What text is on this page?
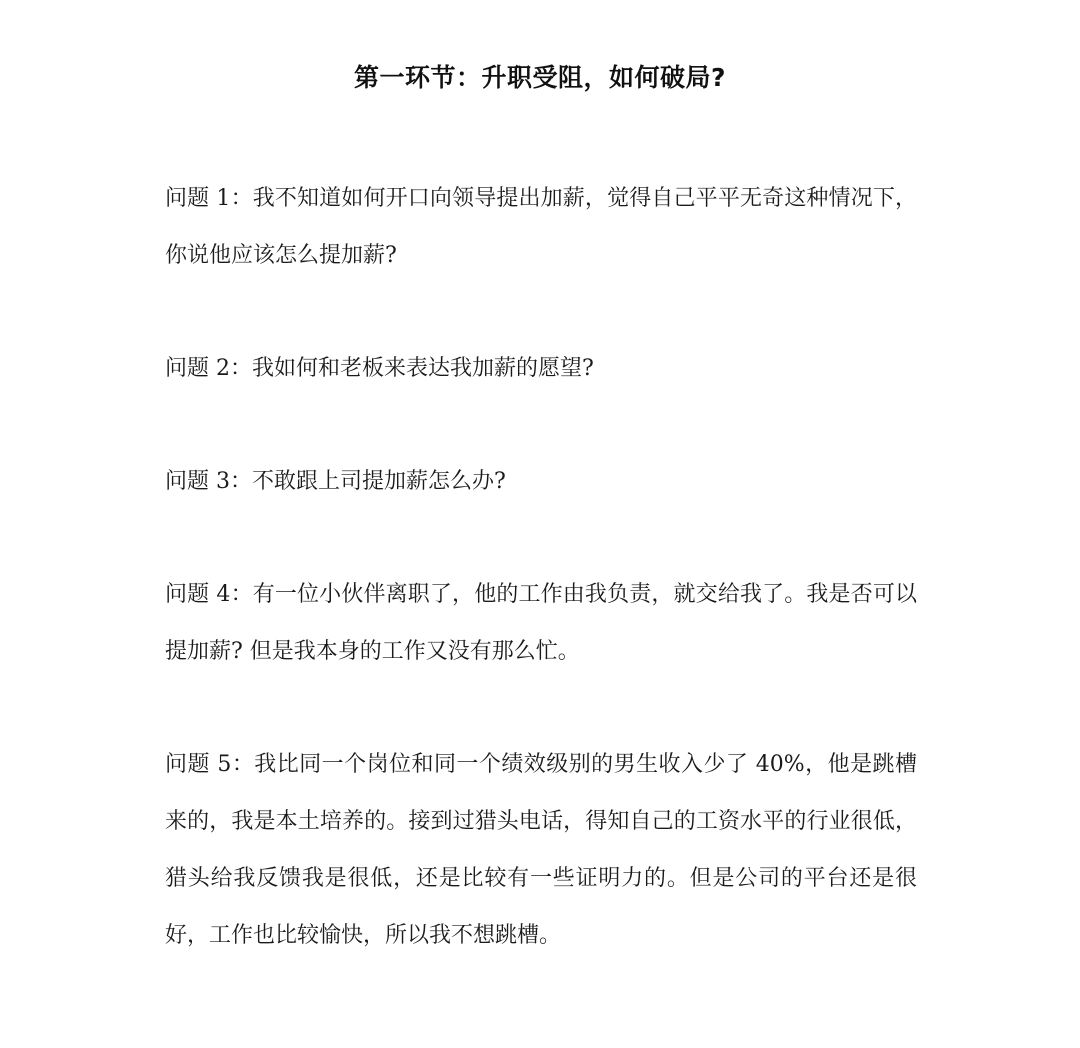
第一环节：升职受阻，如何破局?

问题 1：我不知道如何开口向领导提出加薪，觉得自己平平无奇这种情况下，你说他应该怎么提加薪?

问题 2：我如何和老板来表达我加薪的愿望?

问题 3：不敢跟上司提加薪怎么办?

问题 4：有一位小伙伴离职了，他的工作由我负责，就交给我了。我是否可以提加薪? 但是我本身的工作又没有那么忙。

问题 5：我比同一个岗位和同一个绩效级别的男生收入少了 40%，他是跳槽来的，我是本土培养的。接到过猎头电话，得知自己的工资水平的行业很低，猎头给我反馈我是很低，还是比较有一些证明力的。但是公司的平台还是很好，工作也比较愉快，所以我不想跳槽。
